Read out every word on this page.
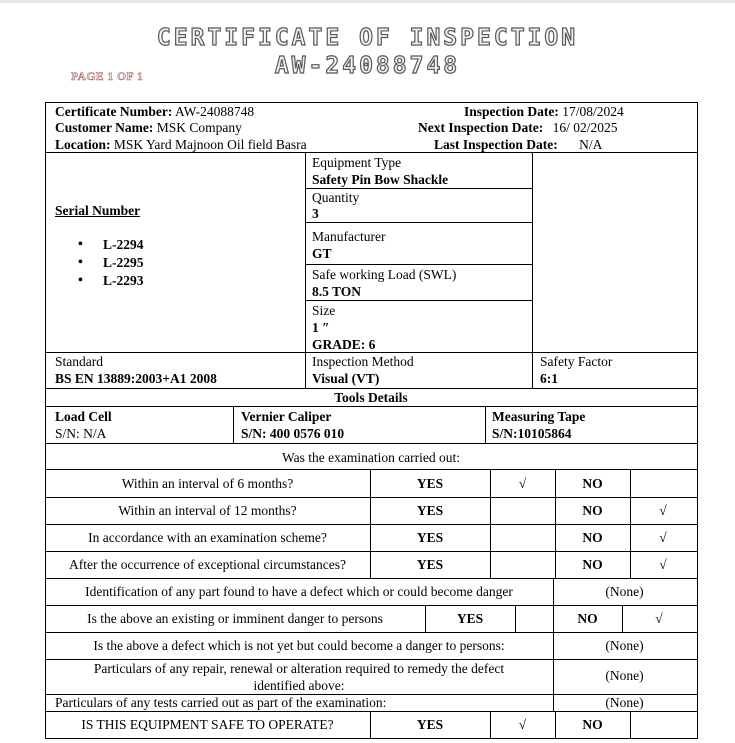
CERTIFICATE OF INSPECTION
AW-24088748
PAGE 1 OF 1
Certificate Number: AW-24088748
Customer Name: MSK Company
Location: MSK Yard Majnoon Oil field Basra
Inspection Date: 17/08/2024
Next Inspection Date: 16/ 02/2025
Last Inspection Date: N/A
Serial Number
• L-2294
• L-2295
• L-2293
Equipment Type
Safety Pin Bow Shackle
Quantity
3
Manufacturer
GT
Safe working Load (SWL)
8.5 TON
Size
1 ″
GRADE: 6
Standard
BS EN 13889:2003+A1 2008
Inspection Method
Visual (VT)
Safety Factor
6:1
Tools Details
Load Cell
S/N: N/A
Vernier Caliper
S/N: 400 0576 010
Measuring Tape
S/N:10105864
Was the examination carried out:
Within an interval of 6 months?	YES	√	NO
Within an interval of 12 months?	YES	NO	√
In accordance with an examination scheme?	YES	NO	√
After the occurrence of exceptional circumstances?	YES	NO	√
Identification of any part found to have a defect which or could become danger	(None)
Is the above an existing or imminent danger to persons	YES	NO	√
Is the above a defect which is not yet but could become a danger to persons:	(None)
Particulars of any repair, renewal or alteration required to remedy the defect
identified above:
(None)
Particulars of any tests carried out as part of the examination:	(None)
IS THIS EQUIPMENT SAFE TO OPERATE?	YES	√	NO
